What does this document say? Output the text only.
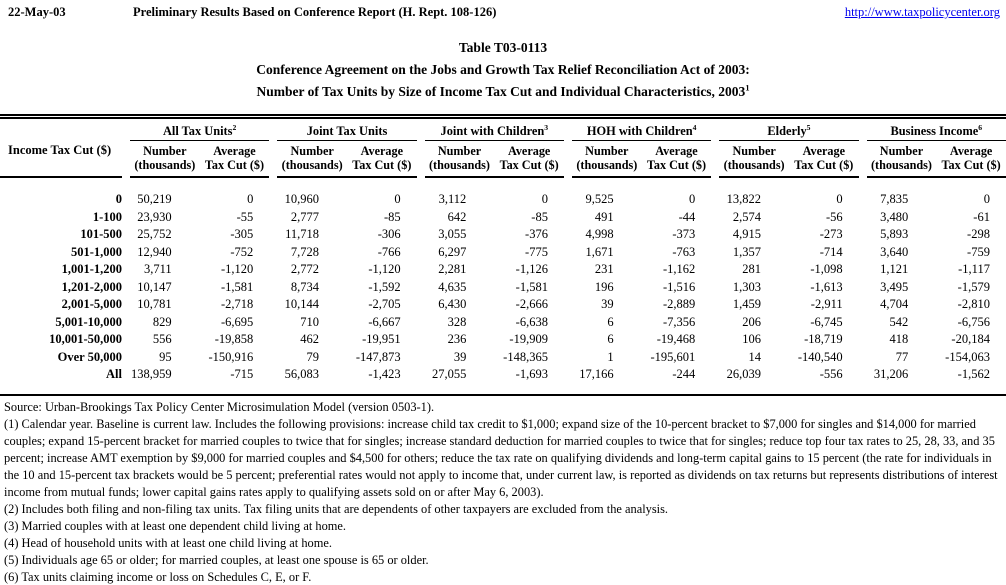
22-May-03	Preliminary Results Based on Conference Report (H. Rept. 108-126)	http://www.taxpolicycenter.org
Table T03-0113
Conference Agreement on the Jobs and Growth Tax Relief Reconciliation Act of 2003:
Number of Tax Units by Size of Income Tax Cut and Individual Characteristics, 2003$^1$
Income Tax Cut ($)
All Tax Units$^2$
Number
(thousands)
Average
Tax Cut ($)
Joint Tax Units
Number
(thousands)
Average
Tax Cut ($)
Joint with Children$^3$
Number
(thousands)
Average
Tax Cut ($)
HOH with Children$^4$
Number
(thousands)
Average
Tax Cut ($)
Elderly$^5$
Number
(thousands)
Average
Tax Cut ($)
Business Income$^6$
Number
(thousands)
Average
Tax Cut ($)
0	50,219	0	10,960	0	3,112	0	9,525	0	13,822	0	7,835	0
1-100	23,930	-55	2,777	-85	642	-85	491	-44	2,574	-56	3,480	-61
101-500	25,752	-305	11,718	-306	3,055	-376	4,998	-373	4,915	-273	5,893	-298
501-1,000	12,940	-752	7,728	-766	6,297	-775	1,671	-763	1,357	-714	3,640	-759
1,001-1,200	3,711	-1,120	2,772	-1,120	2,281	-1,126	231	-1,162	281	-1,098	1,121	-1,117
1,201-2,000	10,147	-1,581	8,734	-1,592	4,635	-1,581	196	-1,516	1,303	-1,613	3,495	-1,579
2,001-5,000	10,781	-2,718	10,144	-2,705	6,430	-2,666	39	-2,889	1,459	-2,911	4,704	-2,810
5,001-10,000	829	-6,695	710	-6,667	328	-6,638	6	-7,356	206	-6,745	542	-6,756
10,001-50,000	556	-19,858	462	-19,951	236	-19,909	6	-19,468	106	-18,719	418	-20,184
Over 50,000	95	-150,916	79	-147,873	39	-148,365	1	-195,601	14	-140,540	77	-154,063
All 138,959	-715	56,083	-1,423	27,055	-1,693	17,166	-244	26,039	-556	31,206	-1,562
Source: Urban-Brookings Tax Policy Center Microsimulation Model (version 0503-1).
(1) Calendar year. Baseline is current law. Includes the following provisions: increase child tax credit to $1,000; expand size of the 10-percent bracket to $7,000 for singles and $14,000 for married couples; expand 15-percent bracket for married couples to twice that for singles; increase standard deduction for married couples to twice that for singles; reduce top four tax rates to 25, 28, 33, and 35 percent; increase AMT exemption by $9,000 for married couples and $4,500 for others; reduce the tax rate on qualifying dividends and long-term capital gains to 15 percent (the rate for individuals in the 10 and 15-percent tax brackets would be 5 percent; preferential rates would not apply to income that, under current law, is reported as dividends on tax returns but represents distributions of interest income from mutual funds; lower capital gains rates apply to qualifying assets sold on or after May 6, 2003).
(2) Includes both filing and non-filing tax units. Tax filing units that are dependents of other taxpayers are excluded from the analysis.
(3) Married couples with at least one dependent child living at home.
(4) Head of household units with at least one child living at home.
(5) Individuals age 65 or older; for married couples, at least one spouse is 65 or older.
(6) Tax units claiming income or loss on Schedules C, E, or F.
